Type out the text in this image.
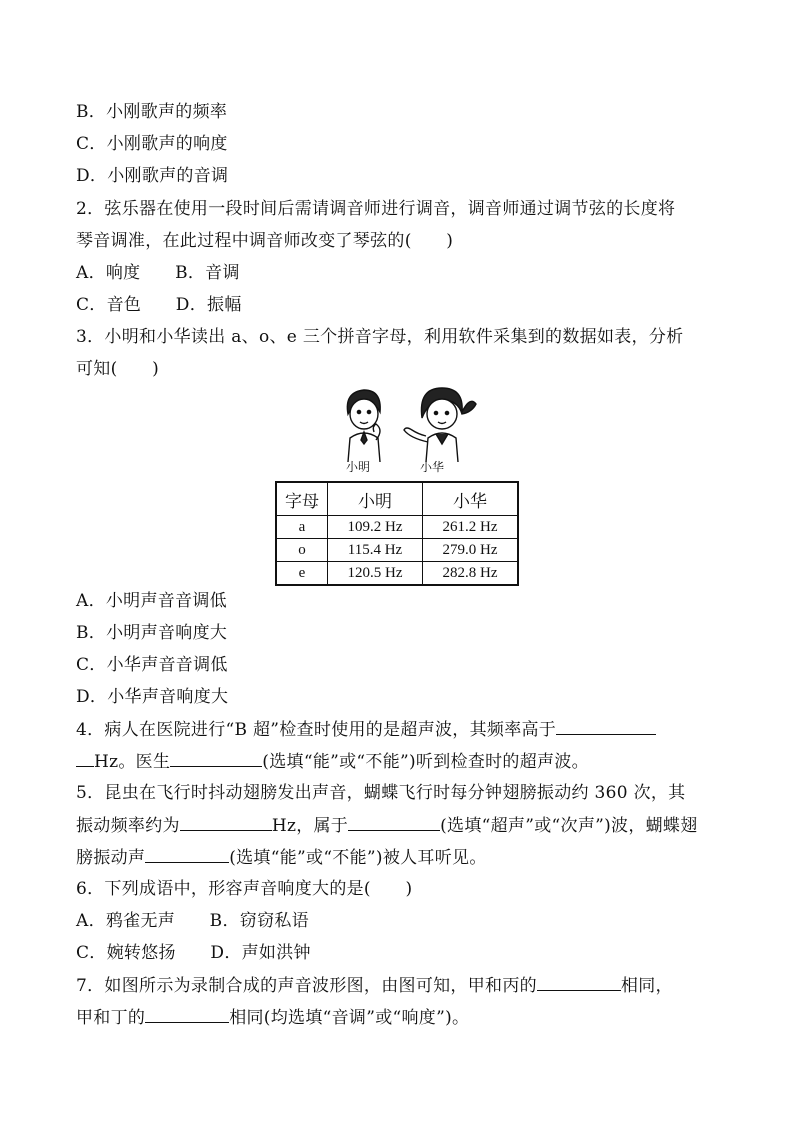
B．小刚歌声的频率
C．小刚歌声的响度
D．小刚歌声的音调
2．弦乐器在使用一段时间后需请调音师进行调音，调音师通过调节弦的长度将
琴音调准，在此过程中调音师改变了琴弦的(　　)
A．响度　　B．音调
C．音色　　D．振幅
3．小明和小华读出 a、o、e 三个拼音字母，利用软件采集到的数据如表，分析
可知(　　)
小明	小华
字母	小明	小华
a	109.2 Hz	261.2 Hz
o	115.4 Hz	279.0 Hz
e	120.5 Hz	282.8 Hz
A．小明声音音调低
B．小明声音响度大
C．小华声音音调低
D．小华声音响度大
4．病人在医院进行“B 超”检查时使用的是超声波，其频率高于
Hz。医生	(选填“能”或“不能”)听到检查时的超声波。
5．昆虫在飞行时抖动翅膀发出声音，蝴蝶飞行时每分钟翅膀振动约 360 次，其
振动频率约为	Hz，属于	(选填“超声”或“次声”)波，蝴蝶翅
膀振动声	(选填“能”或“不能”)被人耳听见。
6．下列成语中，形容声音响度大的是(　　)
A．鸦雀无声　　B．窃窃私语
C．婉转悠扬　　D．声如洪钟
7．如图所示为录制合成的声音波形图，由图可知，甲和丙的	相同，
甲和丁的	相同(均选填“音调”或“响度”)。
